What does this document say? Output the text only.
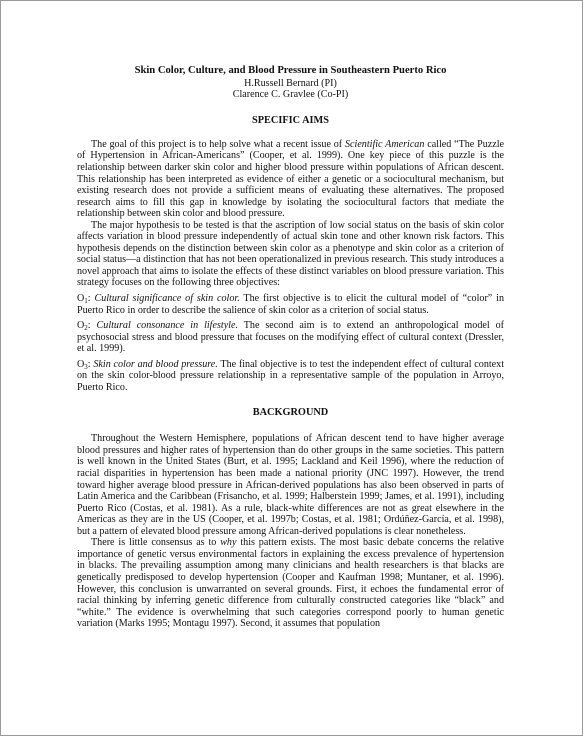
Skin Color, Culture, and Blood Pressure in Southeastern Puerto Rico
H.Russell Bernard (PI)
Clarence C. Gravlee (Co-PI)
SPECIFIC AIMS

The goal of this project is to help solve what a recent issue of Scientific American called “The Puzzle of Hypertension in African-Americans” (Cooper, et al. 1999). One key piece of this puzzle is the relationship between darker skin color and higher blood pressure within populations of African descent. This relationship has been interpreted as evidence of either a genetic or a sociocultural mechanism, but existing research does not provide a sufficient means of evaluating these alternatives. The proposed research aims to fill this gap in knowledge by isolating the sociocultural factors that mediate the relationship between skin color and blood pressure.

The major hypothesis to be tested is that the ascription of low social status on the basis of skin color affects variation in blood pressure independently of actual skin tone and other known risk factors. This hypothesis depends on the distinction between skin color as a phenotype and skin color as a criterion of social status—a distinction that has not been operationalized in previous research. This study introduces a novel approach that aims to isolate the effects of these distinct variables on blood pressure variation. This strategy focuses on the following three objectives:

$O_1$: Cultural significance of skin color. The first objective is to elicit the cultural model of “color” in Puerto Rico in order to describe the salience of skin color as a criterion of social status.

$O_2$: Cultural consonance in lifestyle. The second aim is to extend an anthropological model of psychosocial stress and blood pressure that focuses on the modifying effect of cultural context (Dressler, et al. 1999).

$O_3$: Skin color and blood pressure. The final objective is to test the independent effect of cultural context on the skin color-blood pressure relationship in a representative sample of the population in Arroyo, Puerto Rico.

BACKGROUND

Throughout the Western Hemisphere, populations of African descent tend to have higher average blood pressures and higher rates of hypertension than do other groups in the same societies. This pattern is well known in the United States (Burt, et al. 1995; Lackland and Keil 1996), where the reduction of racial disparities in hypertension has been made a national priority (JNC 1997). However, the trend toward higher average blood pressure in African-derived populations has also been observed in parts of Latin America and the Caribbean (Frisancho, et al. 1999; Halberstein 1999; James, et al. 1991), including Puerto Rico (Costas, et al. 1981). As a rule, black-white differences are not as great elsewhere in the Americas as they are in the US (Cooper, et al. 1997b; Costas, et al. 1981; Ordúñez-García, et al. 1998), but a pattern of elevated blood pressure among African-derived populations is clear nonetheless.

There is little consensus as to why this pattern exists. The most basic debate concerns the relative importance of genetic versus environmental factors in explaining the excess prevalence of hypertension in blacks. The prevailing assumption among many clinicians and health researchers is that blacks are genetically predisposed to develop hypertension (Cooper and Kaufman 1998; Muntaner, et al. 1996). However, this conclusion is unwarranted on several grounds. First, it echoes the fundamental error of racial thinking by inferring genetic difference from culturally constructed categories like “black” and “white.” The evidence is overwhelming that such categories correspond poorly to human genetic variation (Marks 1995; Montagu 1997). Second, it assumes that population
